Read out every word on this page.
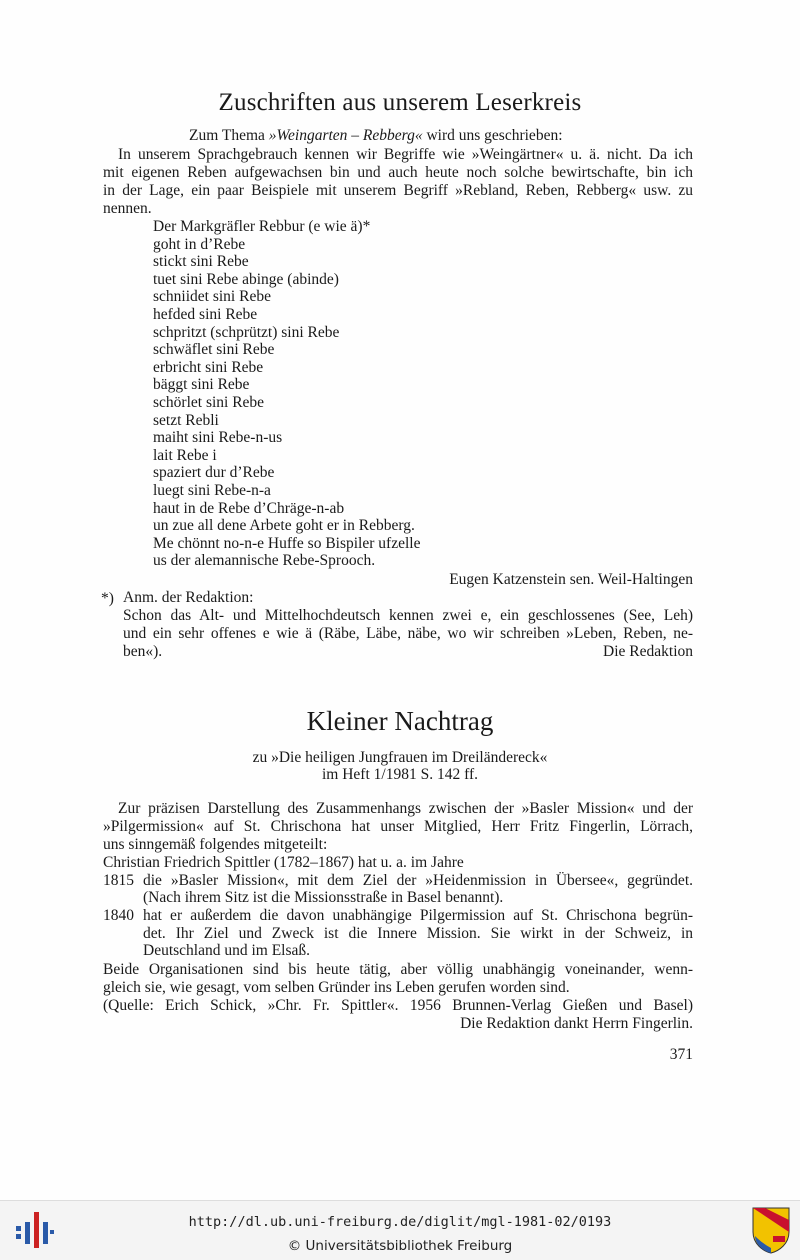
Zuschriften aus unserem Leserkreis
Zum Thema »Weingarten – Rebberg« wird uns geschrieben:
In unserem Sprachgebrauch kennen wir Begriffe wie »Weingärtner« u. ä. nicht. Da ich
mit eigenen Reben aufgewachsen bin und auch heute noch solche bewirtschafte, bin ich
in der Lage, ein paar Beispiele mit unserem Begriff »Rebland, Reben, Rebberg« usw. zu
nennen.
Der Markgräfler Rebbur (e wie ä)*
goht in d’Rebe
stickt sini Rebe
tuet sini Rebe abinge (abinde)
schniidet sini Rebe
hefded sini Rebe
schpritzt (schprützt) sini Rebe
schwäflet sini Rebe
erbricht sini Rebe
bäggt sini Rebe
schörlet sini Rebe
setzt Rebli
maiht sini Rebe-n-us
lait Rebe i
spaziert dur d’Rebe
luegt sini Rebe-n-a
haut in de Rebe d’Chräge-n-ab
un zue all dene Arbete goht er in Rebberg.
Me chönnt no-n-e Huffe so Bispiler ufzelle
us der alemannische Rebe-Sprooch.
Eugen Katzenstein sen. Weil-Haltingen
*) Anm. der Redaktion:
Schon das Alt- und Mittelhochdeutsch kennen zwei e, ein geschlossenes (See, Leh)
und ein sehr offenes e wie ä (Räbe, Läbe, näbe, wo wir schreiben »Leben, Reben, ne-
ben«).	Die Redaktion
Kleiner Nachtrag
zu »Die heiligen Jungfrauen im Dreiländereck«
im Heft 1/1981 S. 142 ff.
Zur präzisen Darstellung des Zusammenhangs zwischen der »Basler Mission« und der
»Pilgermission« auf St. Chrischona hat unser Mitglied, Herr Fritz Fingerlin, Lörrach,
uns sinngemäß folgendes mitgeteilt:
Christian Friedrich Spittler (1782–1867) hat u. a. im Jahre
1815 die »Basler Mission«, mit dem Ziel der »Heidenmission in Übersee«, gegründet.
(Nach ihrem Sitz ist die Missionsstraße in Basel benannt).
1840 hat er außerdem die davon unabhängige Pilgermission auf St. Chrischona begrün-
det. Ihr Ziel und Zweck ist die Innere Mission. Sie wirkt in der Schweiz, in
Deutschland und im Elsaß.
Beide Organisationen sind bis heute tätig, aber völlig unabhängig voneinander, wenn-
gleich sie, wie gesagt, vom selben Gründer ins Leben gerufen worden sind.
(Quelle: Erich Schick, »Chr. Fr. Spittler«. 1956 Brunnen-Verlag Gießen und Basel)
Die Redaktion dankt Herrn Fingerlin.
371
http://dl.ub.uni-freiburg.de/diglit/mgl-1981-02/0193
© Universitätsbibliothek Freiburg
